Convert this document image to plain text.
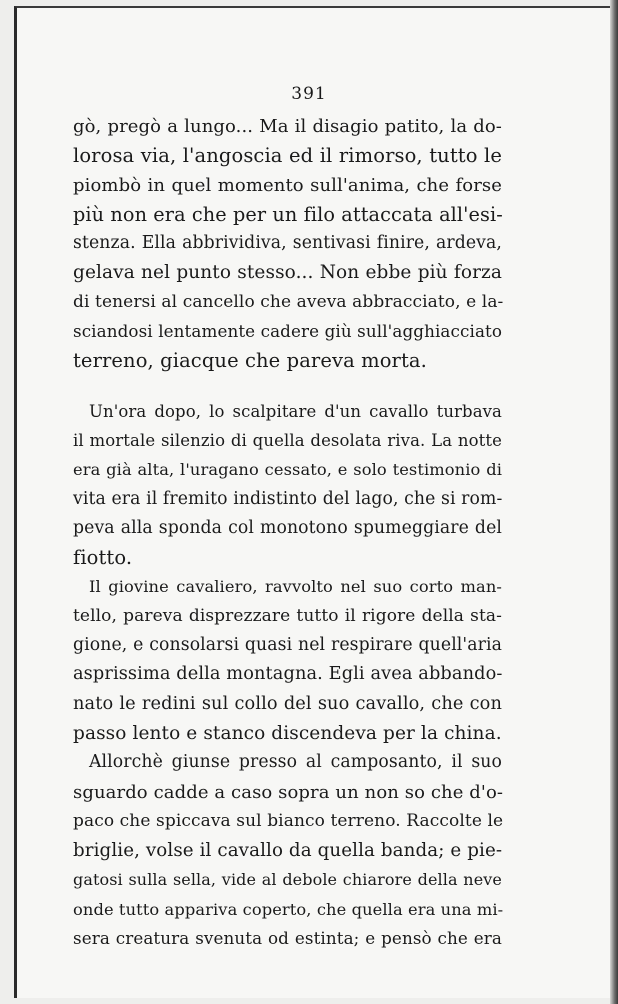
391
gò, pregò a lungo... Ma il disagio patito, la do-
lorosa via, l'angoscia ed il rimorso, tutto le
piombò in quel momento sull'anima, che forse
più non era che per un filo attaccata all'esi-
stenza. Ella abbrividiva, sentivasi finire, ardeva,
gelava nel punto stesso... Non ebbe più forza
di tenersi al cancello che aveva abbracciato, e la-
sciandosi lentamente cadere giù sull'agghiacciato
terreno, giacque che pareva morta.
Un'ora dopo, lo scalpitare d'un cavallo turbava
il mortale silenzio di quella desolata riva. La notte
era già alta, l'uragano cessato, e solo testimonio di
vita era il fremito indistinto del lago, che si rom-
peva alla sponda col monotono spumeggiare del
fiotto.
Il giovine cavaliero, ravvolto nel suo corto man-
tello, pareva disprezzare tutto il rigore della sta-
gione, e consolarsi quasi nel respirare quell'aria
asprissima della montagna. Egli avea abbando-
nato le redini sul collo del suo cavallo, che con
passo lento e stanco discendeva per la china.
Allorchè giunse presso al camposanto, il suo
sguardo cadde a caso sopra un non so che d'o-
paco che spiccava sul bianco terreno. Raccolte le
briglie, volse il cavallo da quella banda; e pie-
gatosi sulla sella, vide al debole chiarore della neve
onde tutto appariva coperto, che quella era una mi-
sera creatura svenuta od estinta; e pensò che era
